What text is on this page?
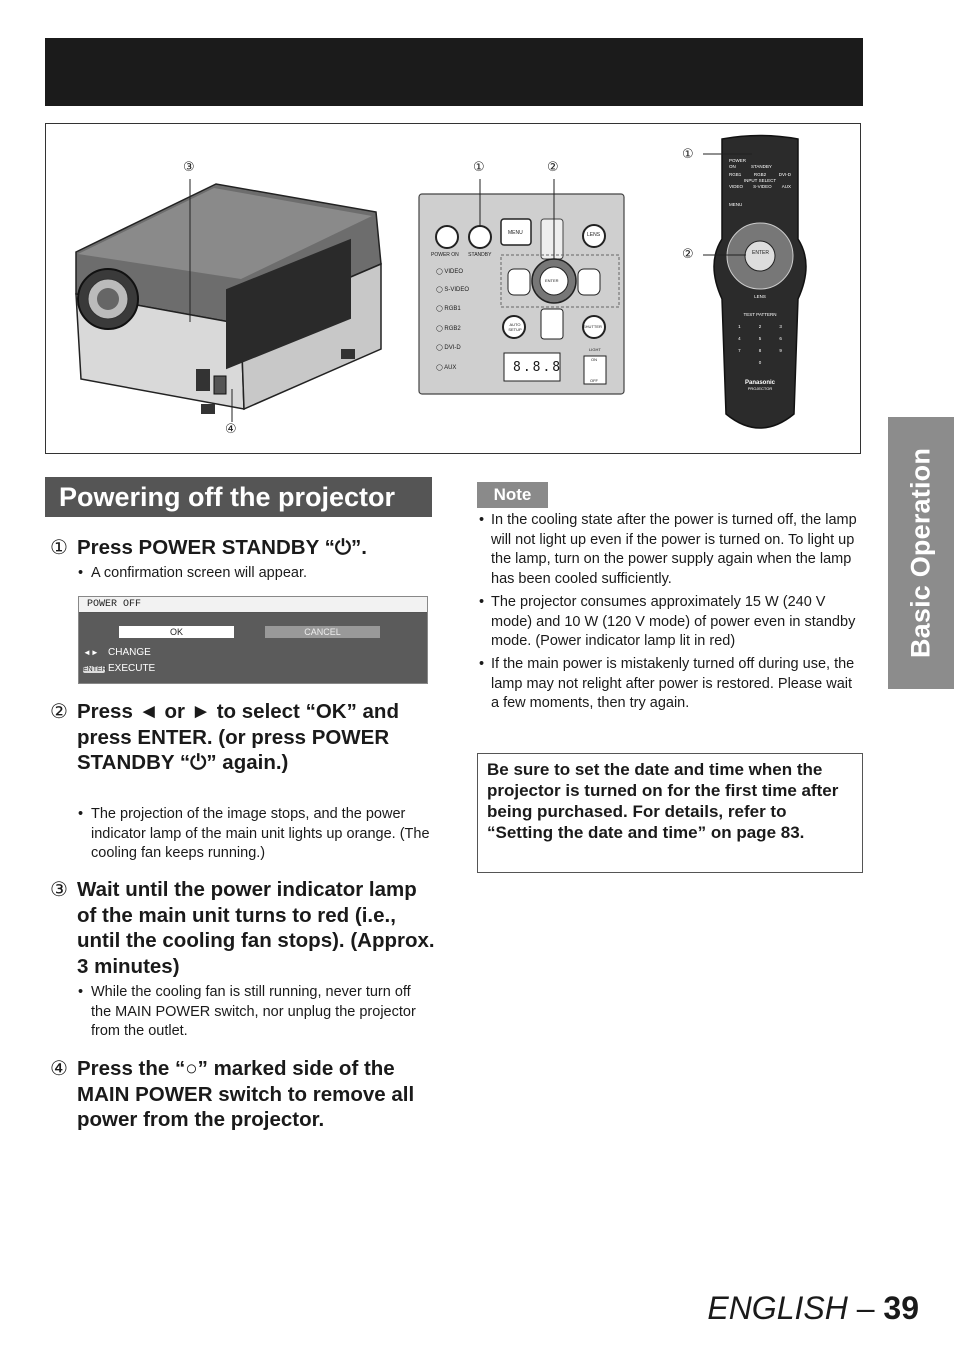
③	①	②
④
①
②
POWER ON STANDBY
MENU	LENS
ENTER
AUTO SETUP
SHUTTER
LIGHT
ON
OFF
8.8.8
◯ VIDEO
◯ S-VIDEO
◯ RGB1
◯ RGB2
◯ DVI-D
◯ AUX
POWER
ON	STANDBY
RGB1	RGB2	DVI-D
INPUT SELECT
VIDEO S-VIDEO AUX
MENU
ENTER
LENS
TEST PATTERN
1	2	3
4	5	6
7	8	9
0
Panasonic
PROJECTOR
Basic Operation
Powering off the projector
① Press POWER STANDBY “⏻”.
• A confirmation screen will appear.
POWER OFF
OK	CANCEL
◄► CHANGE
ENTEREXECUTE
② Press ◄ or ► to select “OK” and press ENTER. (or press POWER STANDBY “⏻” again.)
• The projection of the image stops, and the power indicator lamp of the main unit lights up orange. (The cooling fan keeps running.)
③ Wait until the power indicator lamp of the main unit turns to red (i.e., until the cooling fan stops). (Approx. 3 minutes)
• While the cooling fan is still running, never turn off the MAIN POWER switch, nor unplug the projector from the outlet.
④ Press the “○” marked side of the MAIN POWER switch to remove all power from the projector.
Note
• In the cooling state after the power is turned off, the lamp will not light up even if the power is turned on. To light up the lamp, turn on the power supply again when the lamp has been cooled sufficiently.
• The projector consumes approximately 15 W (240 V mode) and 10 W (120 V mode) of power even in standby mode. (Power indicator lamp lit in red)
• If the main power is mistakenly turned off during use, the lamp may not relight after power is restored. Please wait a few moments, then try again.
Be sure to set the date and time when the projector is turned on for the first time after being purchased. For details, refer to “Setting the date and time” on page 83.
ENGLISH – 39
